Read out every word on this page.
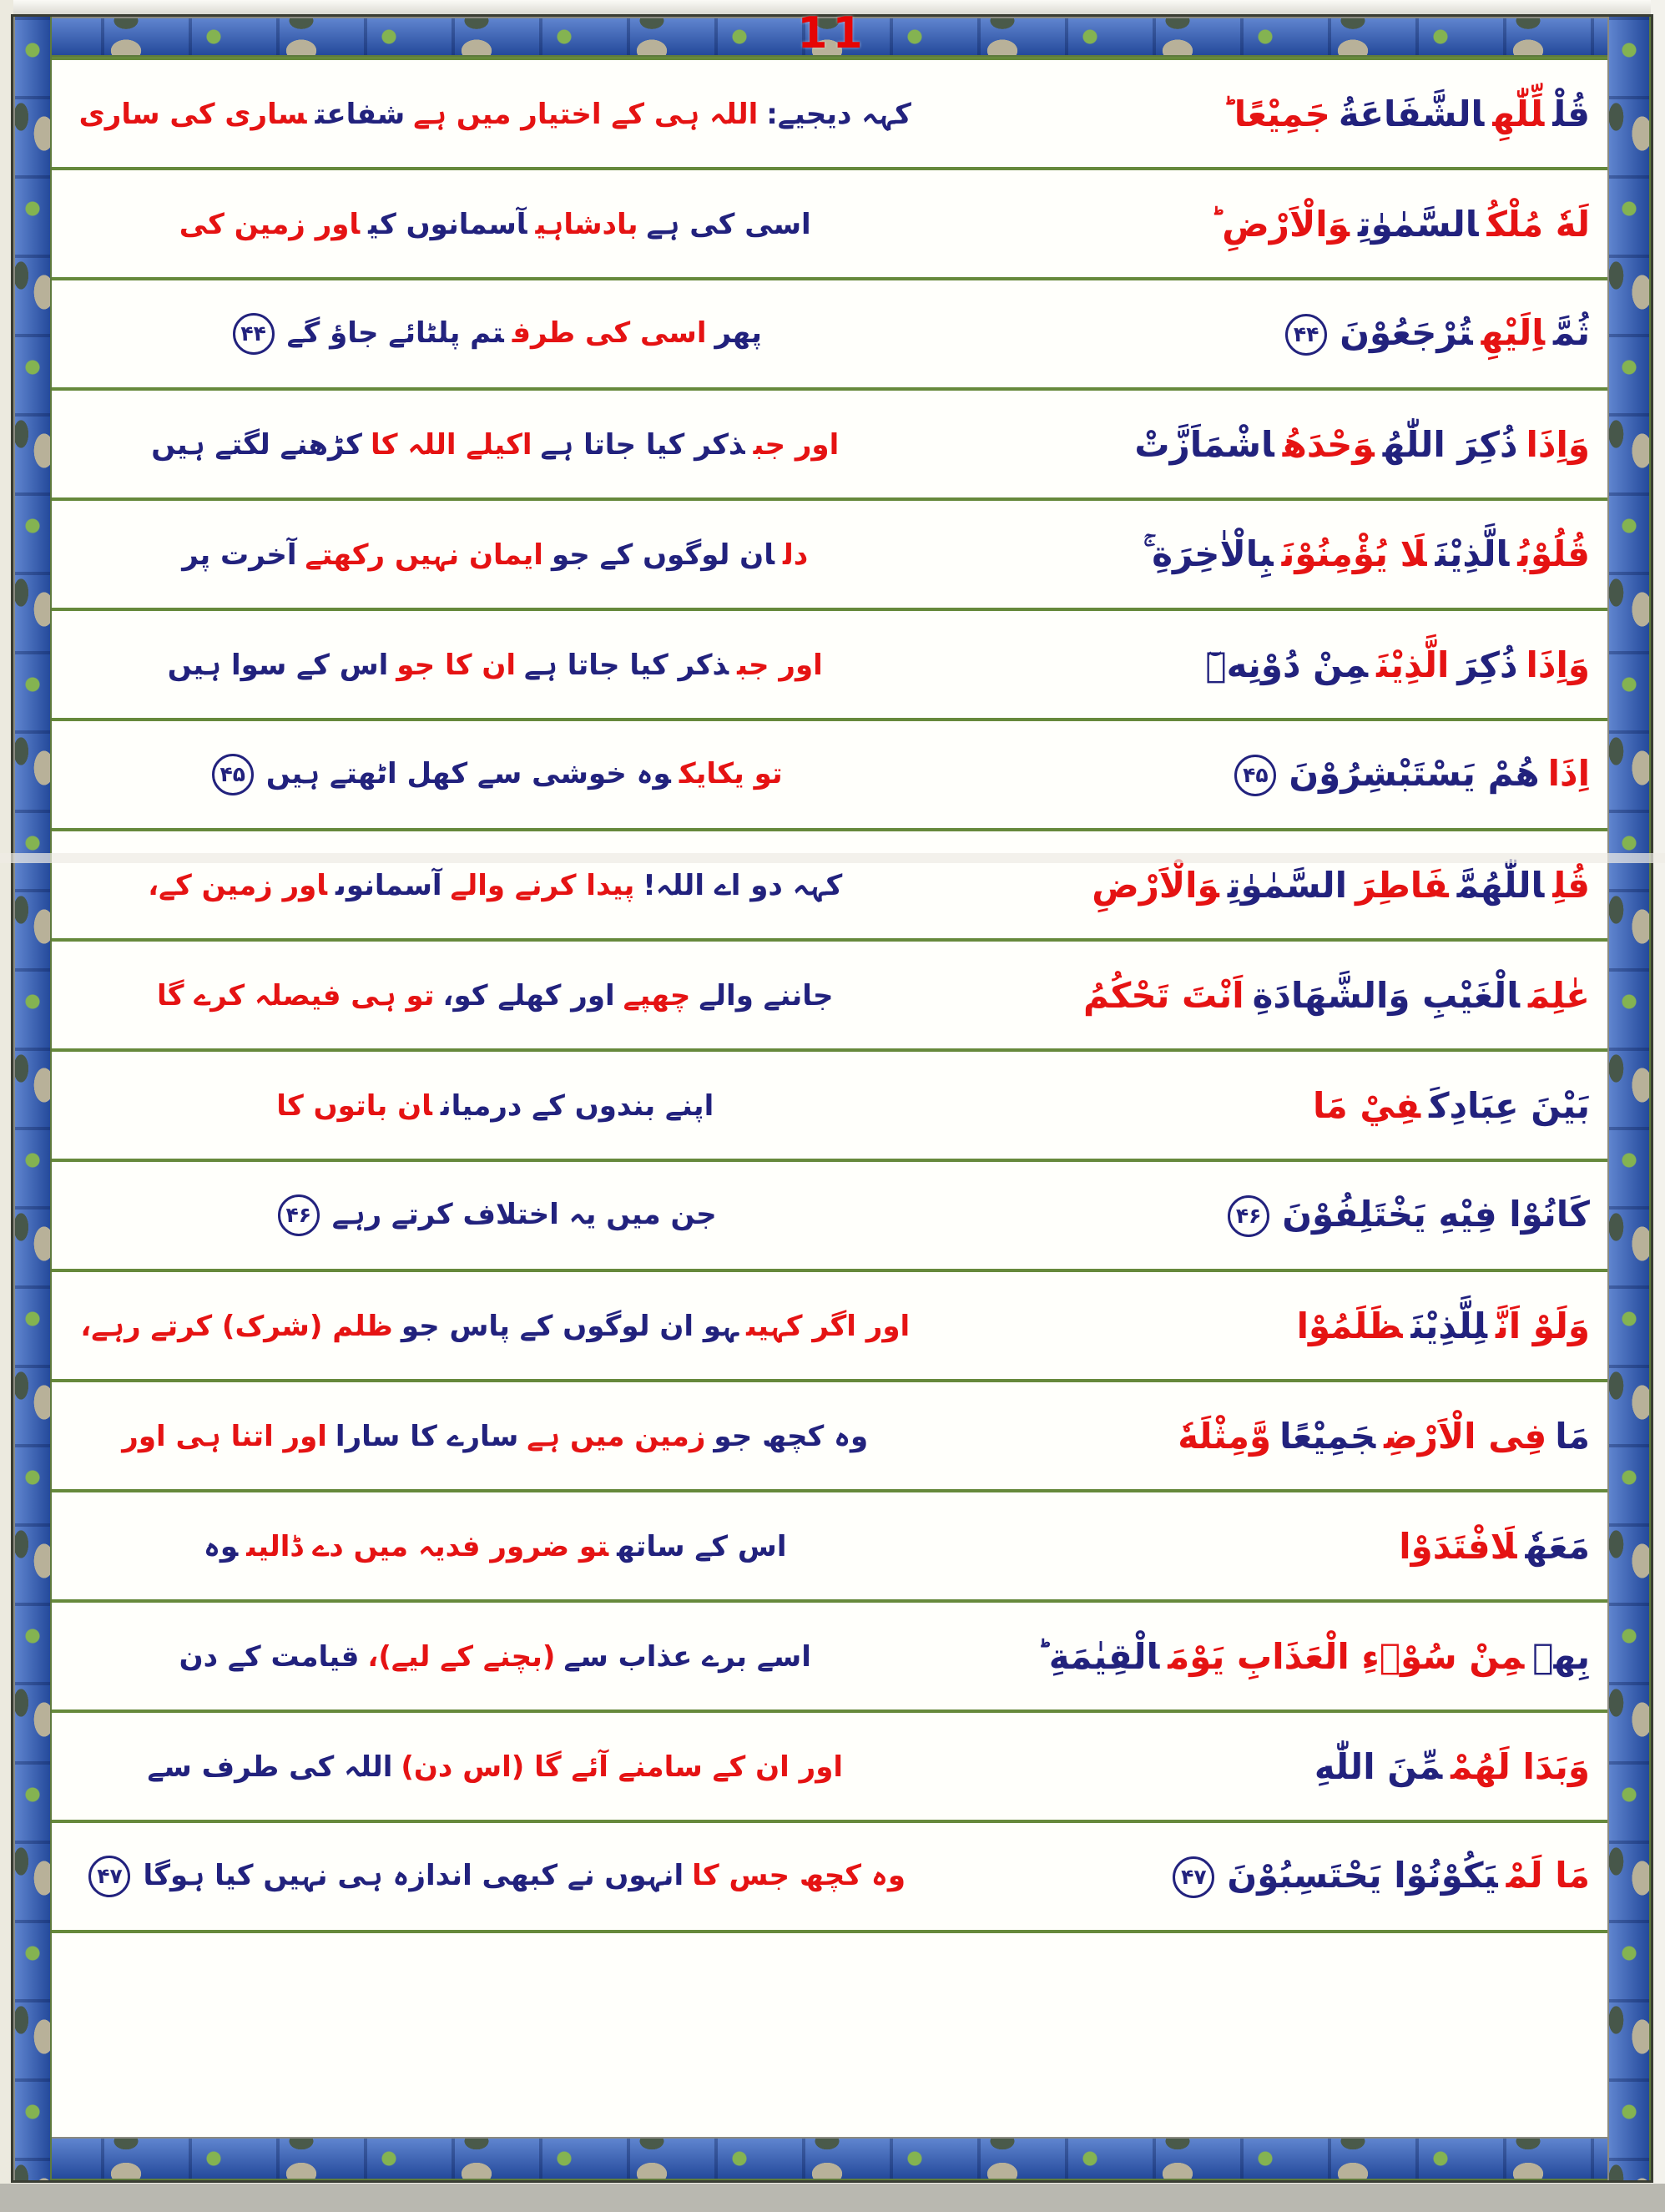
کہہ دیجیے:اللہ ہی کے اختیار میں ہےشفاعتساری کی ساری	قُلْلِّلّٰهِالشَّفَاعَةُجَمِيْعًا ؕ
اسی کی ہےبادشاہیآسمانوں کیاور زمین کی	لَهٗ مُلْكُالسَّمٰوٰتِوَالْاَرْضِ ؕ
پھراسی کی طرفتم پلٹائے جاؤ گے۴۴	ثُمَّاِلَيْهِتُرْجَعُوْنَ۴۴
اور جبذکر کیا جاتا ہےاکیلے اللہ کاکڑھنے لگتے ہیں	وَاِذَاذُكِرَ اللّٰهُوَحْدَهُاشْمَاَزَّتْ
دلان لوگوں کے جوایمان نہیں رکھتےآخرت پر	قُلُوْبُالَّذِيْنَلَا يُؤْمِنُوْنَبِالْاٰخِرَةِ ۚ
اور جبذکر کیا جاتا ہےان کا جواس کے سوا ہیں	وَاِذَاذُكِرَالَّذِيْنَمِنْ دُوْنِهٖٓ
تو یکایکوہ خوشی سے کھل اٹھتے ہیں۴۵	اِذَاهُمْ يَسْتَبْشِرُوْنَ۴۵
کہہ دو اے اللہ!پیدا کرنے والےآسمانوںاور زمین کے،	قُلِاللّٰهُمَّفَاطِرَالسَّمٰوٰتِوَالْاَرْضِ
جاننے والےچھپےاور کھلے کو،تو ہی فیصلہ کرے گا	عٰلِمَالْغَيْبِ وَالشَّهَادَةِاَنْتَ تَحْكُمُ
اپنے بندوں کے درمیانان باتوں کا	بَيْنَ عِبَادِكَفِيْ مَا
جن میں یہ اختلاف کرتے رہے۴۶	كَانُوْا فِيْهِ يَخْتَلِفُوْنَ۴۶
اور اگر کہیںہو ان لوگوں کے پاس جوظلم (شرک) کرتے رہے،	وَلَوْ اَنَّلِلَّذِيْنَظَلَمُوْا
وہ کچھ جوزمین میں ہےسارے کا سارااور اتنا ہی اور	مَافِى الْاَرْضِجَمِيْعًاوَّمِثْلَهٗ
اس کے ساتھتو ضرور فدیہ میں دے ڈالیںوہ	مَعَهٗلَافْتَدَوْا
اسے برے عذاب سے(بچنے کے لیے)،قیامت کے دن	بِهٖمِنْ سُوْۤءِ الْعَذَابِ يَوْمَالْقِيٰمَةِ ؕ
اور ان کے سامنے آئے گا (اس دن)اللہ کی طرف سے	وَبَدَا لَهُمْمِّنَ اللّٰهِ
وہ کچھ جس کاانہوں نے کبھی اندازہ ہی نہیں کیا ہوگا۴۷	مَا لَمْيَكُوْنُوْا يَحْتَسِبُوْنَ۴۷
11
